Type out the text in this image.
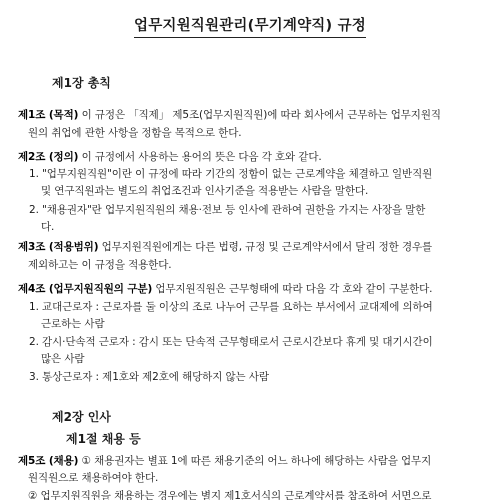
업무지원직원관리(무기계약직) 규정
제1장 총칙
제1조 (목적) 이 규정은 「직제」 제5조(업무지원직원)에 따라 회사에서 근무하는 업무지원직
원의 취업에 관한 사항을 정함을 목적으로 한다.
제2조 (정의) 이 규정에서 사용하는 용어의 뜻은 다음 각 호와 같다.
1. "업무지원직원"이란 이 규정에 따라 기간의 정함이 없는 근로계약을 체결하고 일반직원
및 연구직원과는 별도의 취업조건과 인사기준을 적용받는 사람을 말한다.
2. "채용권자"란 업무지원직원의 채용·전보 등 인사에 관하여 권한을 가지는 사장을 말한
다.
제3조 (적용범위) 업무지원직원에게는 다른 법령, 규정 및 근로계약서에서 달리 정한 경우를
제외하고는 이 규정을 적용한다.
제4조 (업무지원직원의 구분) 업무지원직원은 근무형태에 따라 다음 각 호와 같이 구분한다.
1. 교대근로자 : 근로자를 둘 이상의 조로 나누어 근무를 요하는 부서에서 교대제에 의하여
근로하는 사람
2. 감시·단속적 근로자 : 감시 또는 단속적 근무형태로서 근로시간보다 휴게 및 대기시간이
많은 사람
3. 통상근로자 : 제1호와 제2호에 해당하지 않는 사람
제2장 인사
제1절 채용 등
제5조 (채용) ① 채용권자는 별표 1에 따른 채용기준의 어느 하나에 해당하는 사람을 업무지
원직원으로 채용하여야 한다.
② 업무지원직원을 채용하는 경우에는 별지 제1호서식의 근로계약서를 참조하여 서면으로
